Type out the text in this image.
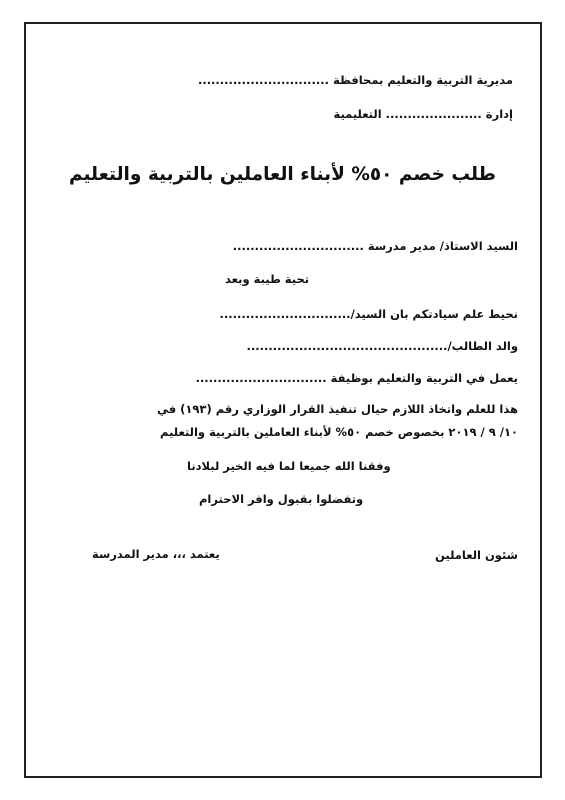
مديرية التربية والتعليم بمحافظة ..............................
إدارة ...................... التعليمية
طلب خصم ٥٠% لأبناء العاملين بالتربية والتعليم
السيد الاستاذ/ مدير مدرسة ..............................
تحية طيبة وبعد
نحيط علم سيادتكم بان السيد/..............................
والد الطالب/..............................................
يعمل في التربية والتعليم بوظيفة ..............................
هذا للعلم واتخاذ اللازم حيال تنفيذ القرار الوزاري رقم (١٩٣) في
١٠/ ٩ / ٢٠١٩ بخصوص خصم ٥٠% لأبناء العاملين بالتربية والتعليم
وفقنا الله جميعا لما فيه الخير لبلادنا
وتفضلوا بقبول وافر الاحترام
شئون العاملين
يعتمد ،،، مدير المدرسة
